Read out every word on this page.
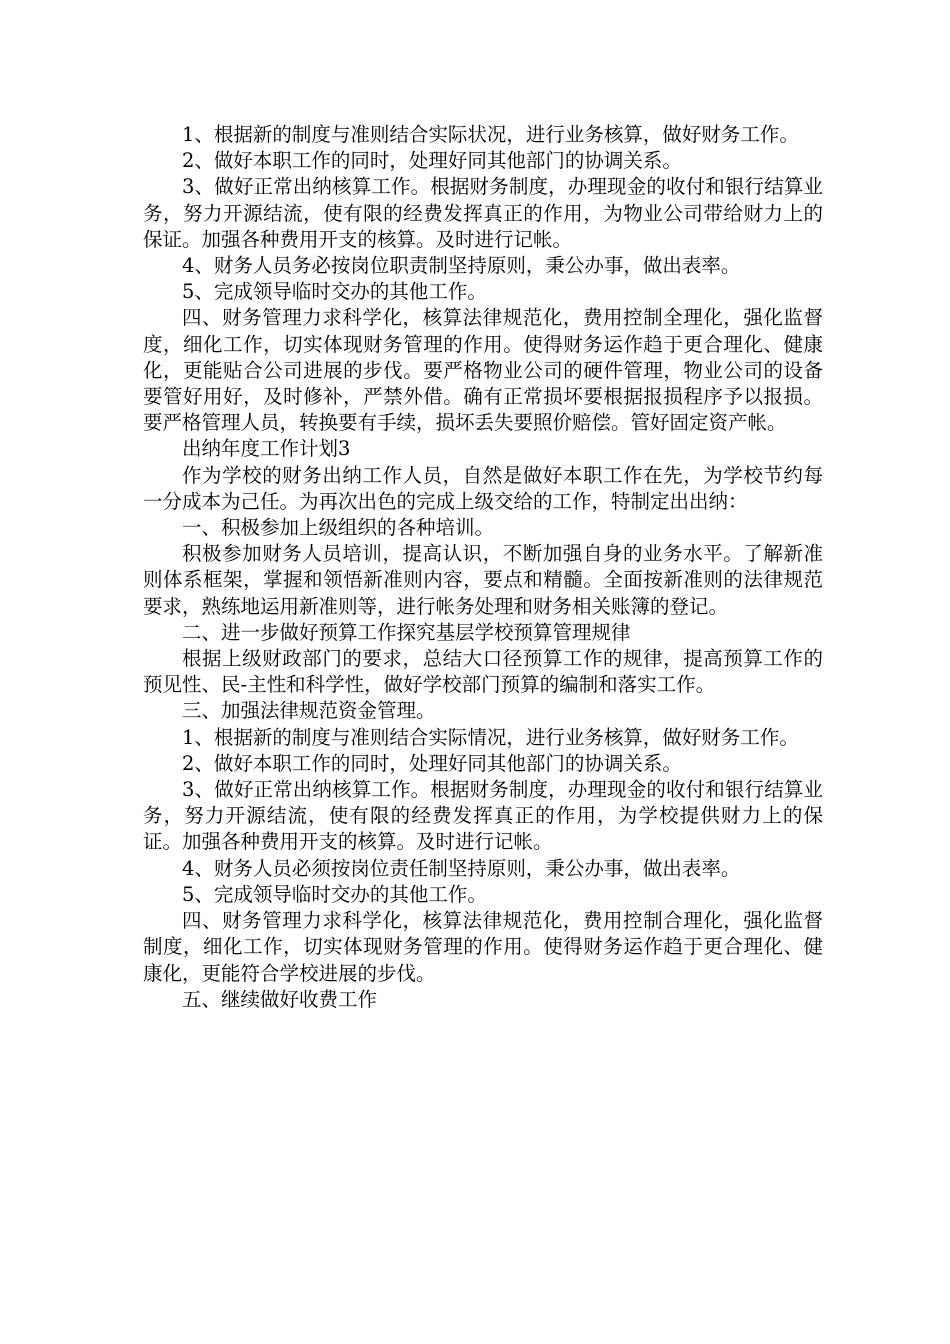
1、根据新的制度与准则结合实际状况，进行业务核算，做好财务工作。

2、做好本职工作的同时，处理好同其他部门的协调关系。

3、做好正常出纳核算工作。根据财务制度，办理现金的收付和银行结算业务，努力开源结流，使有限的经费发挥真正的作用，为物业公司带给财力上的保证。加强各种费用开支的核算。及时进行记帐。

4、财务人员务必按岗位职责制坚持原则，秉公办事，做出表率。

5、完成领导临时交办的其他工作。

四、财务管理力求科学化，核算法律规范化，费用控制全理化，强化监督度，细化工作，切实体现财务管理的作用。使得财务运作趋于更合理化、健康化，更能贴合公司进展的步伐。要严格物业公司的硬件管理，物业公司的设备要管好用好，及时修补，严禁外借。确有正常损坏要根据报损程序予以报损。要严格管理人员，转换要有手续，损坏丢失要照价赔偿。管好固定资产帐。

出纳年度工作计划3

作为学校的财务出纳工作人员，自然是做好本职工作在先，为学校节约每一分成本为己任。为再次出色的完成上级交给的工作，特制定出出纳：

一、积极参加上级组织的各种培训。

积极参加财务人员培训，提高认识，不断加强自身的业务水平。了解新准则体系框架，掌握和领悟新准则内容，要点和精髓。全面按新准则的法律规范要求，熟练地运用新准则等，进行帐务处理和财务相关账簿的登记。

二、进一步做好预算工作探究基层学校预算管理规律

根据上级财政部门的要求，总结大口径预算工作的规律，提高预算工作的预见性、民-主性和科学性，做好学校部门预算的编制和落实工作。

三、加强法律规范资金管理。

1、根据新的制度与准则结合实际情况，进行业务核算，做好财务工作。

2、做好本职工作的同时，处理好同其他部门的协调关系。

3、做好正常出纳核算工作。根据财务制度，办理现金的收付和银行结算业务，努力开源结流，使有限的经费发挥真正的作用，为学校提供财力上的保证。加强各种费用开支的核算。及时进行记帐。

4、财务人员必须按岗位责任制坚持原则，秉公办事，做出表率。

5、完成领导临时交办的其他工作。

四、财务管理力求科学化，核算法律规范化，费用控制合理化，强化监督制度，细化工作，切实体现财务管理的作用。使得财务运作趋于更合理化、健康化，更能符合学校进展的步伐。

五、继续做好收费工作
